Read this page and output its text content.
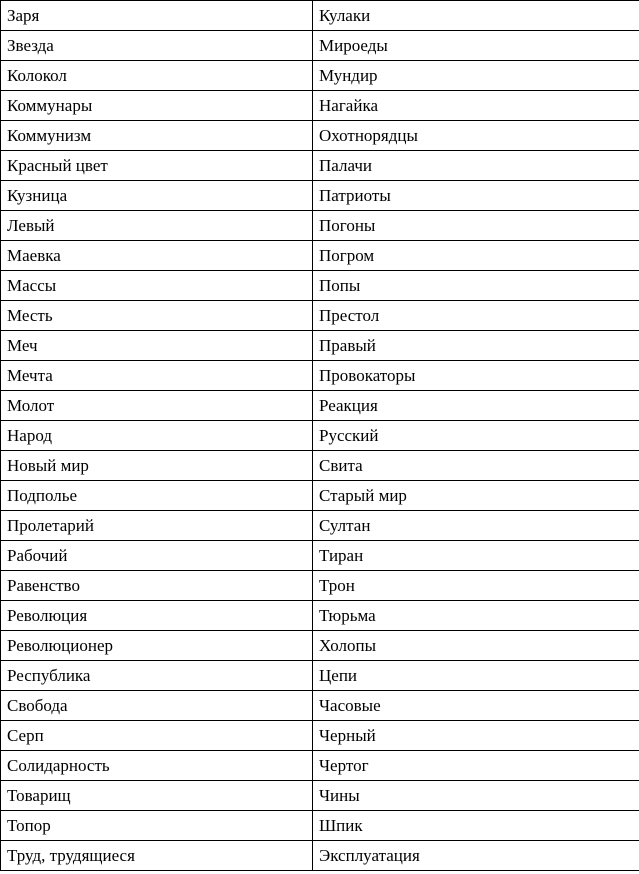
Заря	Кулаки
Звезда	Мироеды
Колокол	Мундир
Коммунары	Нагайка
Коммунизм	Охотнорядцы
Красный цвет	Палачи
Кузница	Патриоты
Левый	Погоны
Маевка	Погром
Массы	Попы
Месть	Престол
Меч	Правый
Мечта	Провокаторы
Молот	Реакция
Народ	Русский
Новый мир	Свита
Подполье	Старый мир
Пролетарий	Султан
Рабочий	Тиран
Равенство	Трон
Революция	Тюрьма
Революционер	Холопы
Республика	Цепи
Свобода	Часовые
Серп	Черный
Солидарность	Чертог
Товарищ	Чины
Топор	Шпик
Труд, трудящиеся	Эксплуатация
